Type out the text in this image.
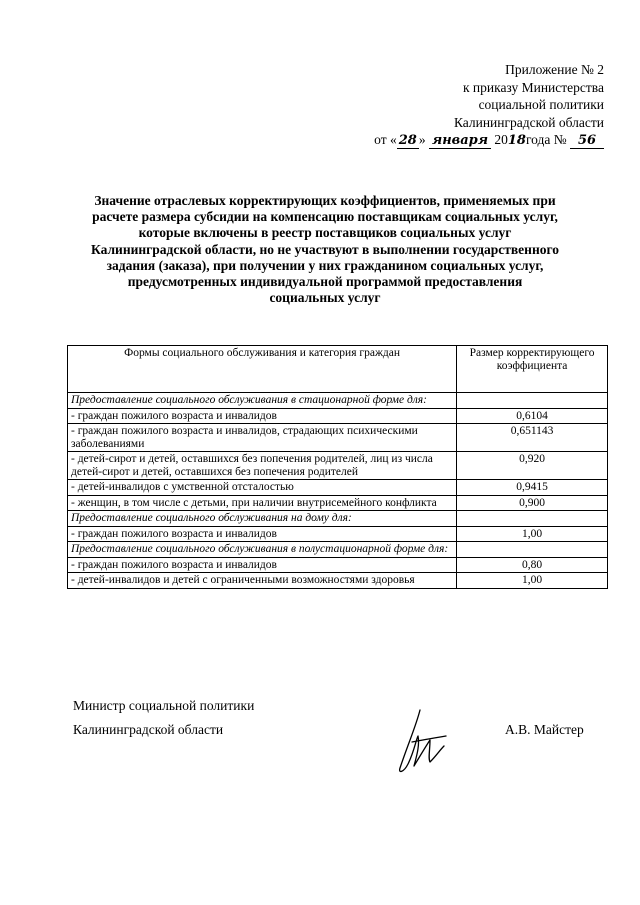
Приложение № 2
к приказу Министерства
социальной политики
Калининградской области
от « 28 » января 2018года № 56
Значение отраслевых корректирующих коэффициентов, применяемых при
расчете размера субсидии на компенсацию поставщикам социальных услуг,
которые включены в реестр поставщиков социальных услуг
Калининградской области, но не участвуют в выполнении государственного
задания (заказа), при получении у них гражданином социальных услуг,
предусмотренных индивидуальной программой предоставления
социальных услуг
Формы социального обслуживания и категория граждан	Размер корректирующего коэффициента
Предоставление социального обслуживания в стационарной форме для:	
- граждан пожилого возраста и инвалидов	0,6104
- граждан пожилого возраста и инвалидов, страдающих психическими заболеваниями	0,651143
- детей-сирот и детей, оставшихся без попечения родителей, лиц из числа детей-сирот и детей, оставшихся без попечения родителей	0,920
- детей-инвалидов с умственной отсталостью	0,9415
- женщин, в том числе с детьми, при наличии внутрисемейного конфликта	0,900
Предоставление социального обслуживания на дому для:	
- граждан пожилого возраста и инвалидов	1,00
Предоставление социального обслуживания в полустационарной форме для:	
- граждан пожилого возраста и инвалидов	0,80
- детей-инвалидов и детей с ограниченными возможностями здоровья	1,00
Министр социальной политики
Калининградской области	А.В. Майстер
